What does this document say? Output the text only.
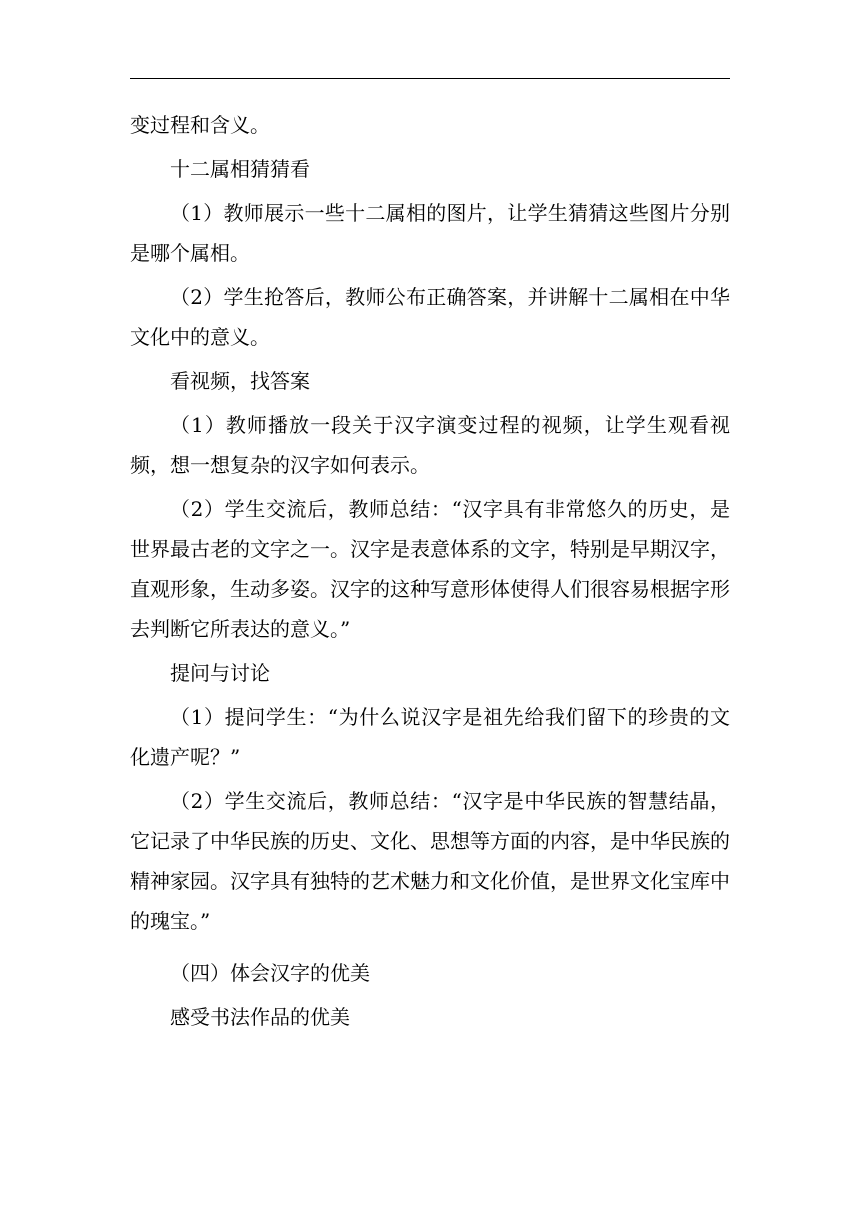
变过程和含义。

十二属相猜猜看

（1）教师展示一些十二属相的图片，让学生猜猜这些图片分别是哪个属相。

（2）学生抢答后，教师公布正确答案，并讲解十二属相在中华文化中的意义。

看视频，找答案

（1）教师播放一段关于汉字演变过程的视频，让学生观看视频，想一想复杂的汉字如何表示。

（2）学生交流后，教师总结：“汉字具有非常悠久的历史，是世界最古老的文字之一。汉字是表意体系的文字，特别是早期汉字，直观形象，生动多姿。汉字的这种写意形体使得人们很容易根据字形去判断它所表达的意义。”

提问与讨论

（1）提问学生：“为什么说汉字是祖先给我们留下的珍贵的文化遗产呢？”

（2）学生交流后，教师总结：“汉字是中华民族的智慧结晶，它记录了中华民族的历史、文化、思想等方面的内容，是中华民族的精神家园。汉字具有独特的艺术魅力和文化价值，是世界文化宝库中的瑰宝。”

（四）体会汉字的优美

感受书法作品的优美
